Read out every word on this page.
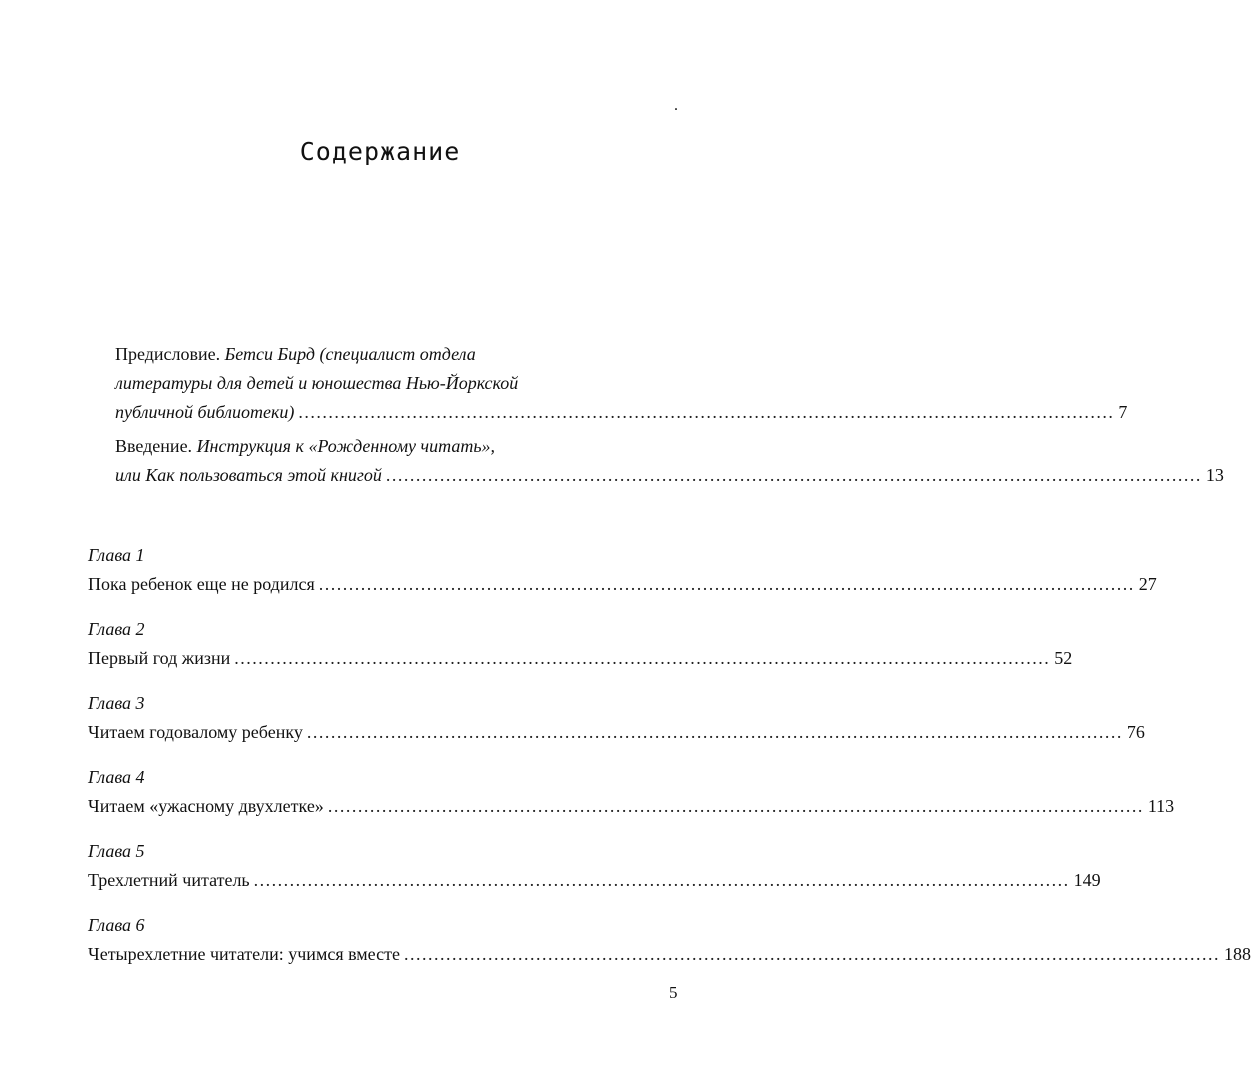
.
Содержание
Предисловие. Бетси Бирд (специалист отдела
литературы для детей и юношества Нью-Йоркской
публичной библиотеки) ........................................................................................................................................ 7
Введение. Инструкция к «Рожденному читать»,
или Как пользоваться этой книгой ........................................................................................................................................ 13
Глава 1
Пока ребенок еще не родился ........................................................................................................................................ 27
Глава 2
Первый год жизни ........................................................................................................................................ 52
Глава 3
Читаем годовалому ребенку ........................................................................................................................................ 76
Глава 4
Читаем «ужасному двухлетке» ........................................................................................................................................ 113
Глава 5
Трехлетний читатель ........................................................................................................................................ 149
Глава 6
Четырехлетние читатели: учимся вместе ........................................................................................................................................ 188
5
